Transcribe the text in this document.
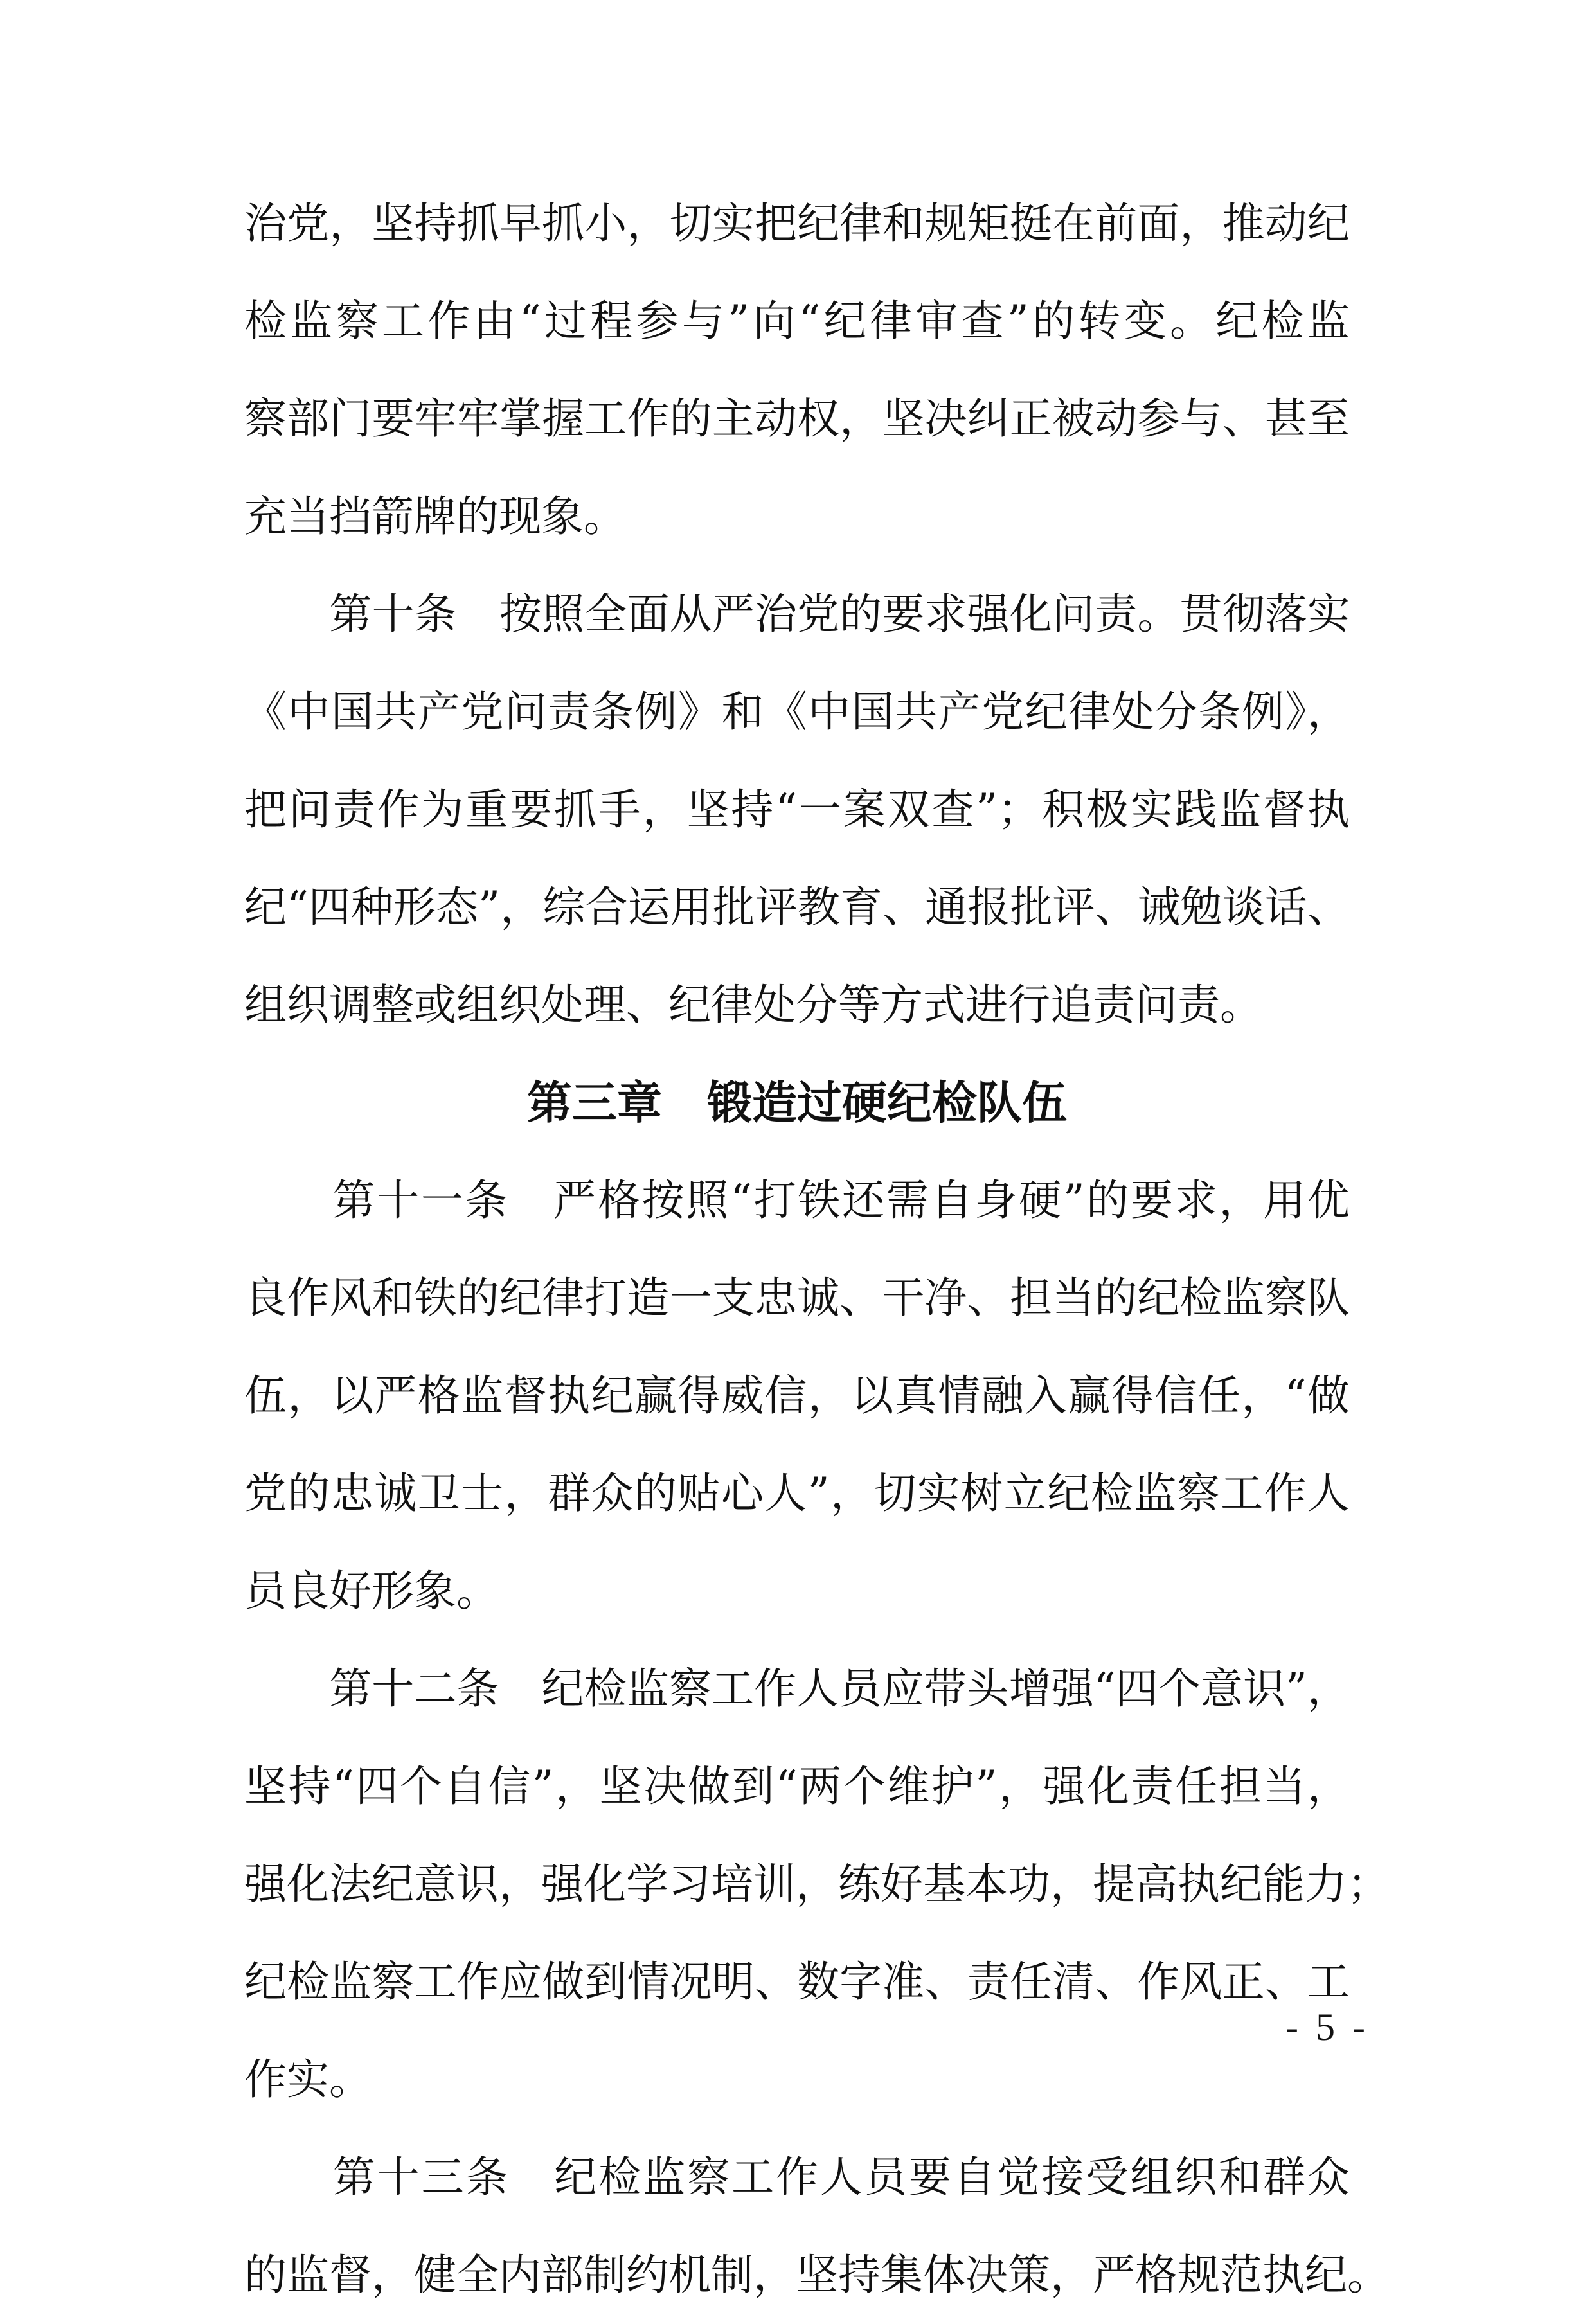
治党，坚持抓早抓小，切实把纪律和规矩挺在前面，推动纪
检监察工作由“过程参与”向“纪律审查”的转变。纪检监
察部门要牢牢掌握工作的主动权，坚决纠正被动参与、甚至
充当挡箭牌的现象。
　　第十条　按照全面从严治党的要求强化问责。贯彻落实
《中国共产党问责条例》和《中国共产党纪律处分条例》，
把问责作为重要抓手，坚持“一案双查”；积极实践监督执
纪“四种形态”，综合运用批评教育、通报批评、诫勉谈话、
组织调整或组织处理、纪律处分等方式进行追责问责。
第三章　锻造过硬纪检队伍
　　第十一条　严格按照“打铁还需自身硬”的要求，用优
良作风和铁的纪律打造一支忠诚、干净、担当的纪检监察队
伍，以严格监督执纪赢得威信，以真情融入赢得信任，“做
党的忠诚卫士，群众的贴心人”，切实树立纪检监察工作人
员良好形象。
　　第十二条　纪检监察工作人员应带头增强“四个意识”，
坚持“四个自信”，坚决做到“两个维护”，强化责任担当，
强化法纪意识，强化学习培训，练好基本功，提高执纪能力；
纪检监察工作应做到情况明、数字准、责任清、作风正、工
作实。
　　第十三条　纪检监察工作人员要自觉接受组织和群众
的监督，健全内部制约机制，坚持集体决策，严格规范执纪。
- 5 -
